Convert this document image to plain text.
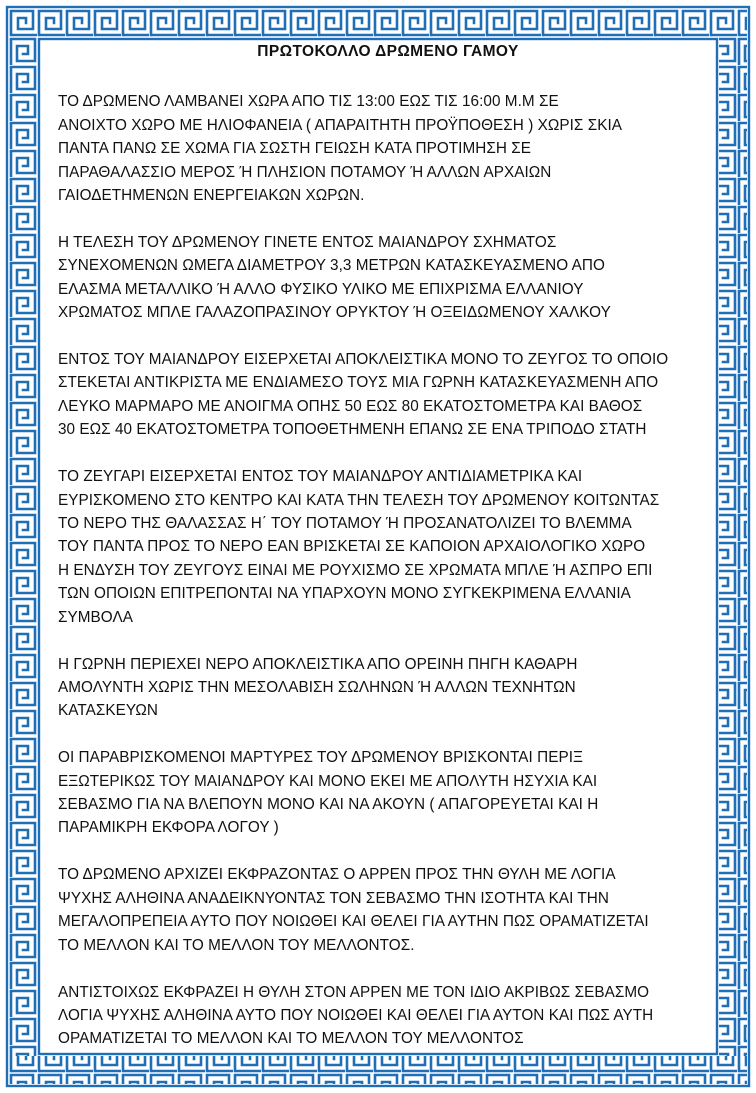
ΠΡΩΤΟΚΟΛΛΟ ΔΡΩΜΕΝΟ ΓΑΜΟΥ
ΤΟ ΔΡΩΜΕΝΟ ΛΑΜΒΑΝΕΙ ΧΩΡΑ ΑΠΟ ΤΙΣ 13:00 ΕΩΣ ΤΙΣ 16:00 Μ.Μ ΣΕ
ΑΝΟΙΧΤΟ ΧΩΡΟ ΜΕ ΗΛΙΟΦΑΝΕΙΑ ( ΑΠΑΡΑΙΤΗΤΗ ΠΡΟΫΠΟΘΕΣΗ ) ΧΩΡΙΣ ΣΚΙΑ
ΠΑΝΤΑ ΠΑΝΩ ΣΕ ΧΩΜΑ ΓΙΑ ΣΩΣΤΗ ΓΕΙΩΣΗ ΚΑΤΑ ΠΡΟΤΙΜΗΣΗ ΣΕ
ΠΑΡΑΘΑΛΑΣΣΙΟ ΜΕΡΟΣ Ή ΠΛΗΣΙΟΝ ΠΟΤΑΜΟΥ Ή ΑΛΛΩΝ ΑΡΧΑΙΩΝ
ΓΑΙΟΔΕΤΗΜΕΝΩΝ ΕΝΕΡΓΕΙΑΚΩΝ ΧΩΡΩΝ.
Η ΤΕΛΕΣΗ ΤΟΥ ΔΡΩΜΕΝΟΥ ΓΙΝΕΤΕ ΕΝΤΟΣ ΜΑΙΑΝΔΡΟΥ ΣΧΗΜΑΤΟΣ
ΣΥΝΕΧΟΜΕΝΩΝ ΩΜΕΓΑ ΔΙΑΜΕΤΡΟΥ 3,3 ΜΕΤΡΩΝ ΚΑΤΑΣΚΕΥΑΣΜΕΝΟ ΑΠΟ
ΕΛΑΣΜΑ ΜΕΤΑΛΛΙΚΟ Ή ΑΛΛΟ ΦΥΣΙΚΟ ΥΛΙΚΟ ΜΕ ΕΠΙΧΡΙΣΜΑ ΕΛΛΑΝΙΟΥ
ΧΡΩΜΑΤΟΣ ΜΠΛΕ ΓΑΛΑΖΟΠΡΑΣΙΝΟΥ ΟΡΥΚΤΟΥ Ή ΟΞΕΙΔΩΜΕΝΟΥ ΧΑΛΚΟΥ
ΕΝΤΟΣ ΤΟΥ ΜΑΙΑΝΔΡΟΥ ΕΙΣΕΡΧΕΤΑΙ ΑΠΟΚΛΕΙΣΤΙΚΑ ΜΟΝΟ ΤΟ ΖΕΥΓΟΣ ΤΟ ΟΠΟΙΟ
ΣΤΕΚΕΤΑΙ ΑΝΤΙΚΡΙΣΤΑ ΜΕ ΕΝΔΙΑΜΕΣΟ ΤΟΥΣ ΜΙΑ ΓΩΡΝΗ ΚΑΤΑΣΚΕΥΑΣΜΕΝΗ ΑΠΟ
ΛΕΥΚΟ ΜΑΡΜΑΡΟ ΜΕ ΑΝΟΙΓΜΑ ΟΠΗΣ 50 ΕΩΣ 80 ΕΚΑΤΟΣΤΟΜΕΤΡΑ ΚΑΙ ΒΑΘΟΣ
30 ΕΩΣ 40 ΕΚΑΤΟΣΤΟΜΕΤΡΑ ΤΟΠΟΘΕΤΗΜΕΝΗ ΕΠΑΝΩ ΣΕ ΕΝΑ ΤΡΙΠΟΔΟ ΣΤΑΤΗ
ΤΟ ΖΕΥΓΑΡΙ ΕΙΣΕΡΧΕΤΑΙ ΕΝΤΟΣ ΤΟΥ ΜΑΙΑΝΔΡΟΥ ΑΝΤΙΔΙΑΜΕΤΡΙΚΑ ΚΑΙ
ΕΥΡΙΣΚΟΜΕΝΟ ΣΤΟ ΚΕΝΤΡΟ ΚΑΙ ΚΑΤΑ ΤΗΝ ΤΕΛΕΣΗ ΤΟΥ ΔΡΩΜΕΝΟΥ ΚΟΙΤΩΝΤΑΣ
ΤΟ ΝΕΡΟ ΤΗΣ ΘΑΛΑΣΣΑΣ Η΄ ΤΟΥ ΠΟΤΑΜΟΥ Ή ΠΡΟΣΑΝΑΤΟΛΙΖΕΙ ΤΟ ΒΛΕΜΜΑ
ΤΟΥ ΠΑΝΤΑ ΠΡΟΣ ΤΟ ΝΕΡΟ ΕΑΝ ΒΡΙΣΚΕΤΑΙ ΣΕ ΚΑΠΟΙΟΝ ΑΡΧΑΙΟΛΟΓΙΚΟ ΧΩΡΟ
Η ΕΝΔΥΣΗ ΤΟΥ ΖΕΥΓΟΥΣ ΕΙΝΑΙ ΜΕ ΡΟΥΧΙΣΜΟ ΣΕ ΧΡΩΜΑΤΑ ΜΠΛΕ Ή ΑΣΠΡΟ ΕΠΙ
ΤΩΝ ΟΠΟΙΩΝ ΕΠΙΤΡΕΠΟΝΤΑΙ ΝΑ ΥΠΑΡΧΟΥΝ ΜΟΝΟ ΣΥΓΚΕΚΡΙΜΕΝΑ ΕΛΛΑΝΙΑ
ΣΥΜΒΟΛΑ
Η ΓΩΡΝΗ ΠΕΡΙΕΧΕΙ ΝΕΡΟ ΑΠΟΚΛΕΙΣΤΙΚΑ ΑΠΟ ΟΡΕΙΝΗ ΠΗΓΗ ΚΑΘΑΡΗ
ΑΜΟΛΥΝΤΗ ΧΩΡΙΣ ΤΗΝ ΜΕΣΟΛΑΒΙΣΗ ΣΩΛΗΝΩΝ Ή ΑΛΛΩΝ ΤΕΧΝΗΤΩΝ
ΚΑΤΑΣΚΕΥΩΝ
ΟΙ ΠΑΡΑΒΡΙΣΚΟΜΕΝΟΙ ΜΑΡΤΥΡΕΣ ΤΟΥ ΔΡΩΜΕΝΟΥ ΒΡΙΣΚΟΝΤΑΙ ΠΕΡΙΞ
ΕΞΩΤΕΡΙΚΩΣ ΤΟΥ ΜΑΙΑΝΔΡΟΥ ΚΑΙ ΜΟΝΟ ΕΚΕΙ ΜΕ ΑΠΟΛΥΤΗ ΗΣΥΧΙΑ ΚΑΙ
ΣΕΒΑΣΜΟ ΓΙΑ ΝΑ ΒΛΕΠΟΥΝ ΜΟΝΟ ΚΑΙ ΝΑ ΑΚΟΥΝ ( ΑΠΑΓΟΡΕΥΕΤΑΙ ΚΑΙ Η
ΠΑΡΑΜΙΚΡΗ ΕΚΦΟΡΑ ΛΟΓΟΥ )
ΤΟ ΔΡΩΜΕΝΟ ΑΡΧΙΖΕΙ ΕΚΦΡΑΖΟΝΤΑΣ Ο ΑΡΡΕΝ ΠΡΟΣ ΤΗΝ ΘΥΛΗ ΜΕ ΛΟΓΙΑ
ΨΥΧΗΣ ΑΛΗΘΙΝΑ ΑΝΑΔΕΙΚΝΥΟΝΤΑΣ ΤΟΝ ΣΕΒΑΣΜΟ ΤΗΝ ΙΣΟΤΗΤΑ ΚΑΙ ΤΗΝ
ΜΕΓΑΛΟΠΡΕΠΕΙΑ ΑΥΤΟ ΠΟΥ ΝΟΙΩΘΕΙ ΚΑΙ ΘΕΛΕΙ ΓΙΑ ΑΥΤΗΝ ΠΩΣ ΟΡΑΜΑΤΙΖΕΤΑΙ
ΤΟ ΜΕΛΛΟΝ ΚΑΙ ΤΟ ΜΕΛΛΟΝ ΤΟΥ ΜΕΛΛΟΝΤΟΣ.
ΑΝΤΙΣΤΟΙΧΩΣ ΕΚΦΡΑΖΕΙ Η ΘΥΛΗ ΣΤΟΝ ΑΡΡΕΝ ΜΕ ΤΟΝ ΙΔΙΟ ΑΚΡΙΒΩΣ ΣΕΒΑΣΜΟ
ΛΟΓΙΑ ΨΥΧΗΣ ΑΛΗΘΙΝΑ ΑΥΤΟ ΠΟΥ ΝΟΙΩΘΕΙ ΚΑΙ ΘΕΛΕΙ ΓΙΑ ΑΥΤΟΝ ΚΑΙ ΠΩΣ ΑΥΤΗ
ΟΡΑΜΑΤΙΖΕΤΑΙ ΤΟ ΜΕΛΛΟΝ ΚΑΙ ΤΟ ΜΕΛΛΟΝ ΤΟΥ ΜΕΛΛΟΝΤΟΣ
